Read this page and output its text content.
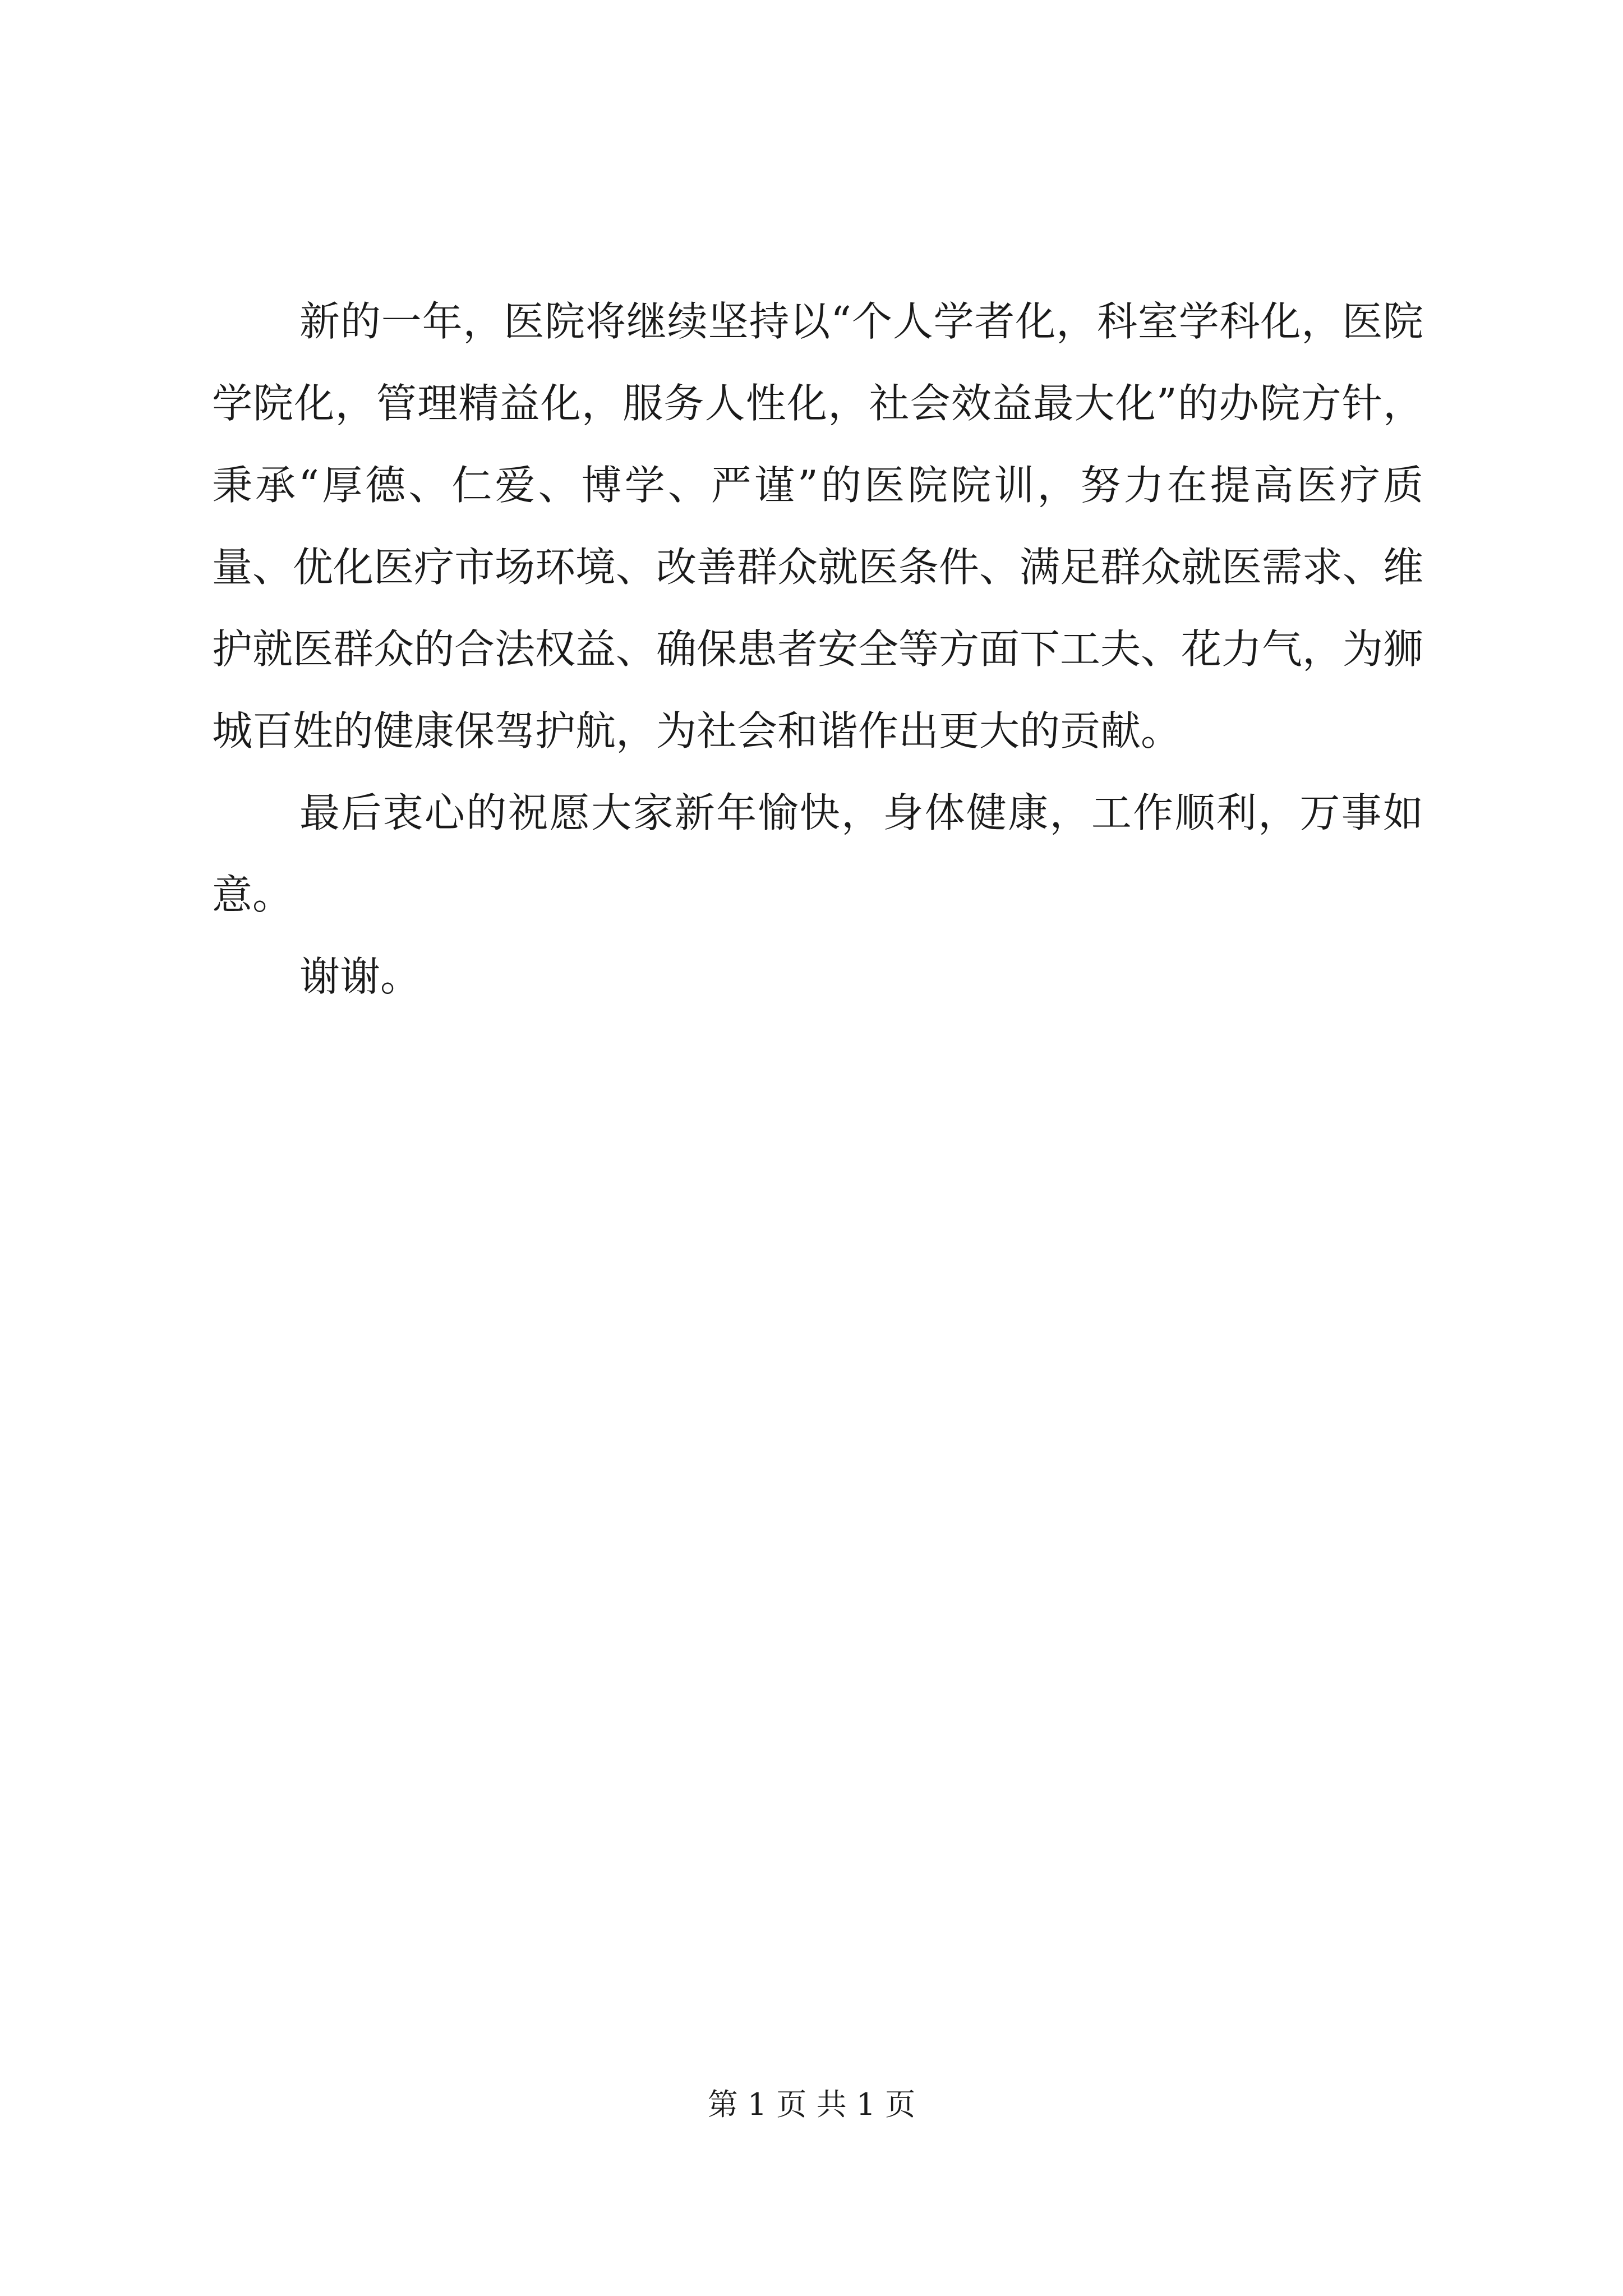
新的一年，医院将继续坚持以“个人学者化，科室学科化，医院学院化，管理精益化，服务人性化，社会效益最大化”的办院方针，秉承“厚德、仁爱、博学、严谨”的医院院训，努力在提高医疗质量、优化医疗市场环境、改善群众就医条件、满足群众就医需求、维护就医群众的合法权益、确保患者安全等方面下工夫、花力气，为狮城百姓的健康保驾护航，为社会和谐作出更大的贡献。

最后衷心的祝愿大家新年愉快，身体健康，工作顺利，万事如意。

谢谢。

第 1 页 共 1 页
